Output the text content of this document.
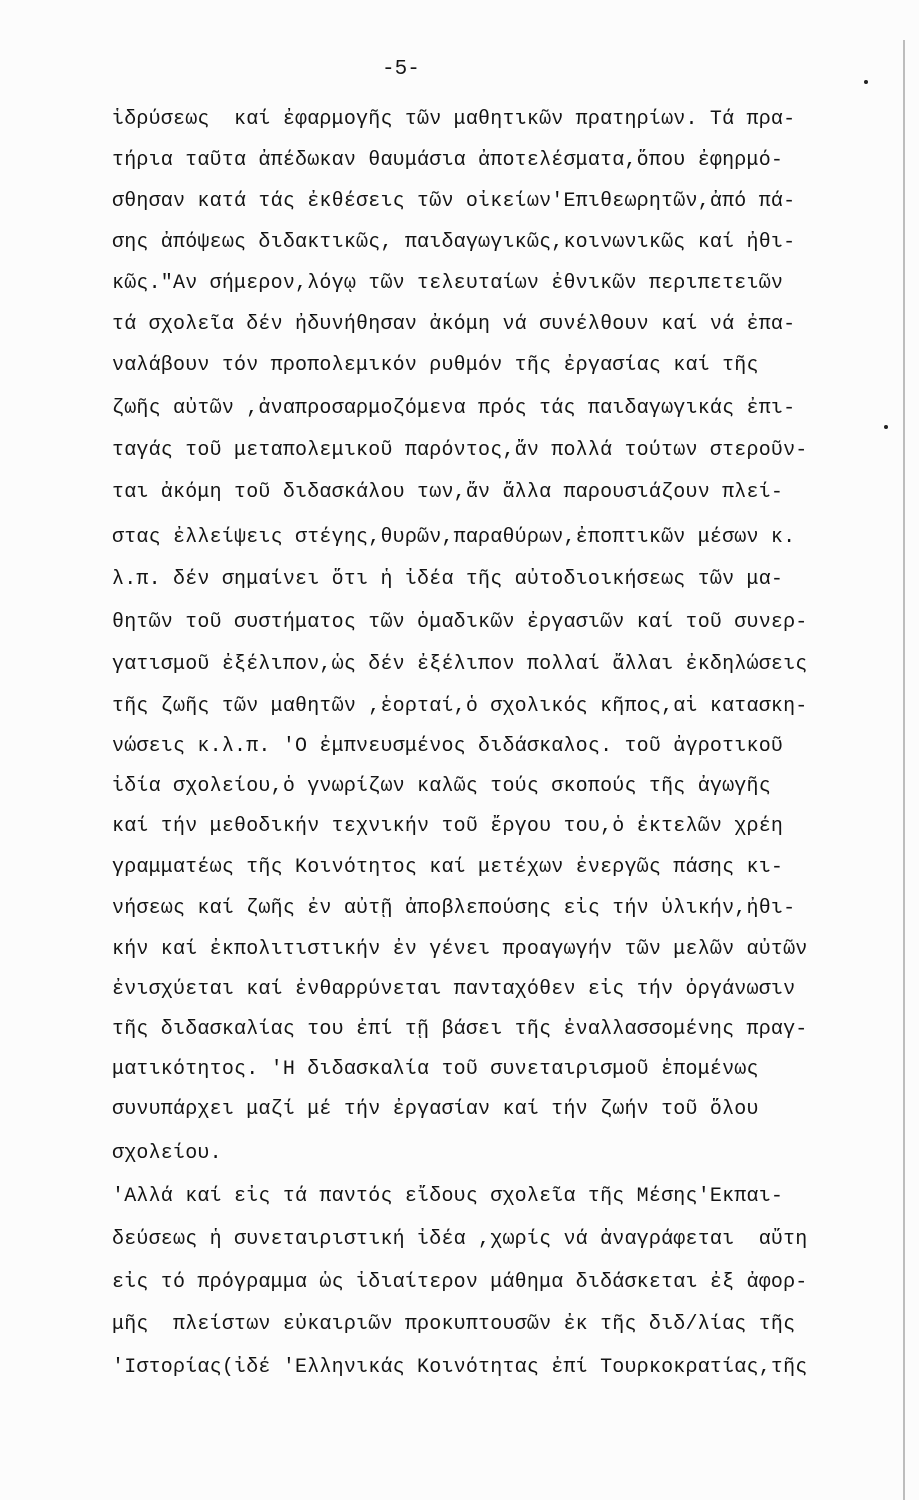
-5-
ἱδρύσεως  καί ἐφαρμογῆς τῶν μαθητικῶν πρατηρίων. Τά πρα-
τήρια ταῦτα ἀπέδωκαν θαυμάσια ἀποτελέσματα,ὅπου ἐφηρμό-
σθησαν κατά τάς ἐκθέσεις τῶν οἰκείων'Επιθεωρητῶν,ἀπό πά-
σης ἀπόψεως διδακτικῶς, παιδαγωγικῶς,κοινωνικῶς καί ἠθι-
κῶς."Αν σήμερον,λόγῳ τῶν τελευταίων ἐθνικῶν περιπετειῶν
τά σχολεῖα δέν ἠδυνήθησαν ἀκόμη νά συνέλθουν καί νά ἐπα-
ναλάβουν τόν προπολεμικόν ρυθμόν τῆς ἐργασίας καί τῆς
ζωῆς αὐτῶν ,ἀναπροσαρμοζόμενα πρός τάς παιδαγωγικάς ἐπι-
ταγάς τοῦ μεταπολεμικοῦ παρόντος,ἄν πολλά τούτων στεροῦν-
ται ἀκόμη τοῦ διδασκάλου των,ἄν ἄλλα παρουσιάζουν πλεί-
στας ἐλλείψεις στέγης,θυρῶν,παραθύρων,ἐποπτικῶν μέσων κ.
λ.π. δέν σημαίνει ὅτι ἡ ἰδέα τῆς αὐτοδιοικήσεως τῶν μα-
θητῶν τοῦ συστήματος τῶν ὁμαδικῶν ἐργασιῶν καί τοῦ συνερ-
γατισμοῦ ἐξέλιπον,ὡς δέν ἐξέλιπον πολλαί ἄλλαι ἐκδηλώσεις
τῆς ζωῆς τῶν μαθητῶν ,ἑορταί,ὁ σχολικός κῆπος,αἱ κατασκη-
νώσεις κ.λ.π. 'Ο ἐμπνευσμένος διδάσκαλος. τοῦ ἀγροτικοῦ
ἰδία σχολείου,ὁ γνωρίζων καλῶς τούς σκοπούς τῆς ἀγωγῆς
καί τήν μεθοδικήν τεχνικήν τοῦ ἔργου του,ὁ ἐκτελῶν χρέη
γραμματέως τῆς Κοινότητος καί μετέχων ἐνεργῶς πάσης κι-
νήσεως καί ζωῆς ἐν αὐτῇ ἀποβλεπούσης εἰς τήν ὑλικήν,ἠθι-
κήν καί ἐκπολιτιστικήν ἐν γένει προαγωγήν τῶν μελῶν αὐτῶν
ἐνισχύεται καί ἐνθαρρύνεται πανταχόθεν εἰς τήν ὀργάνωσιν
τῆς διδασκαλίας του ἐπί τῇ βάσει τῆς ἐναλλασσομένης πραγ-
ματικότητος. 'Η διδασκαλία τοῦ συνεταιρισμοῦ ἑπομένως
συνυπάρχει μαζί μέ τήν ἐργασίαν καί τήν ζωήν τοῦ ὅλου
σχολείου.
'Αλλά καί εἰς τά παντός εἴδους σχολεῖα τῆς Μέσης'Εκπαι-
δεύσεως ἡ συνεταιριστική ἰδέα ,χωρίς νά ἀναγράφεται  αὔτη
εἰς τό πρόγραμμα ὡς ἰδιαίτερον μάθημα διδάσκεται ἐξ ἀφορ-
μῆς  πλείστων εὐκαιριῶν προκυπτουσῶν ἐκ τῆς διδ/λίας τῆς
'Ιστορίας(ἰδέ 'Ελληνικάς Κοινότητας ἐπί Τουρκοκρατίας,τῆς
